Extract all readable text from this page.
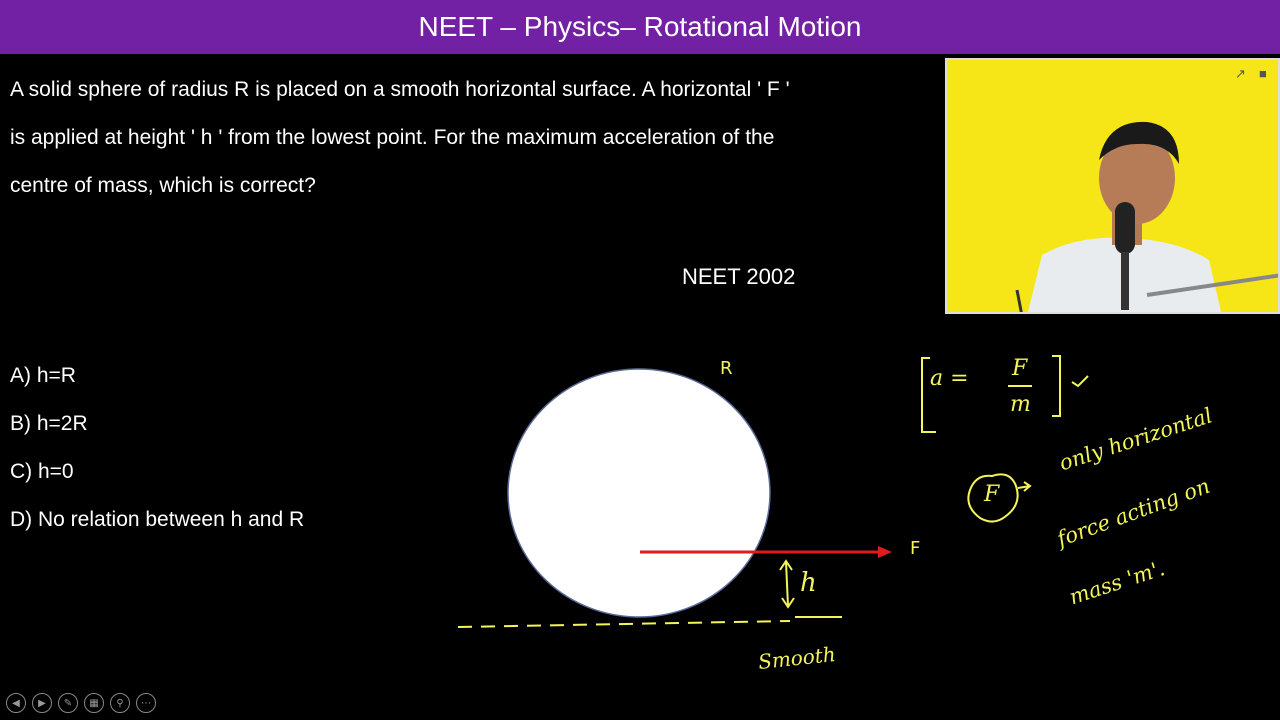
NEET – Physics– Rotational Motion

A solid sphere of radius R is placed on a smooth horizontal surface. A horizontal ' F '

is applied at height ' h ' from the lowest point. For the maximum acceleration of the

centre of mass, which is correct?

NEET 2002
A) h=R
B) h=2R
C) h=0
D) No relation between h and R
↗ ■
R
F
h
Smooth
a = F
m
F
only horizontal
force acting on
mass 'm'.
◀	▶	✎	▦	⚲	⋯
